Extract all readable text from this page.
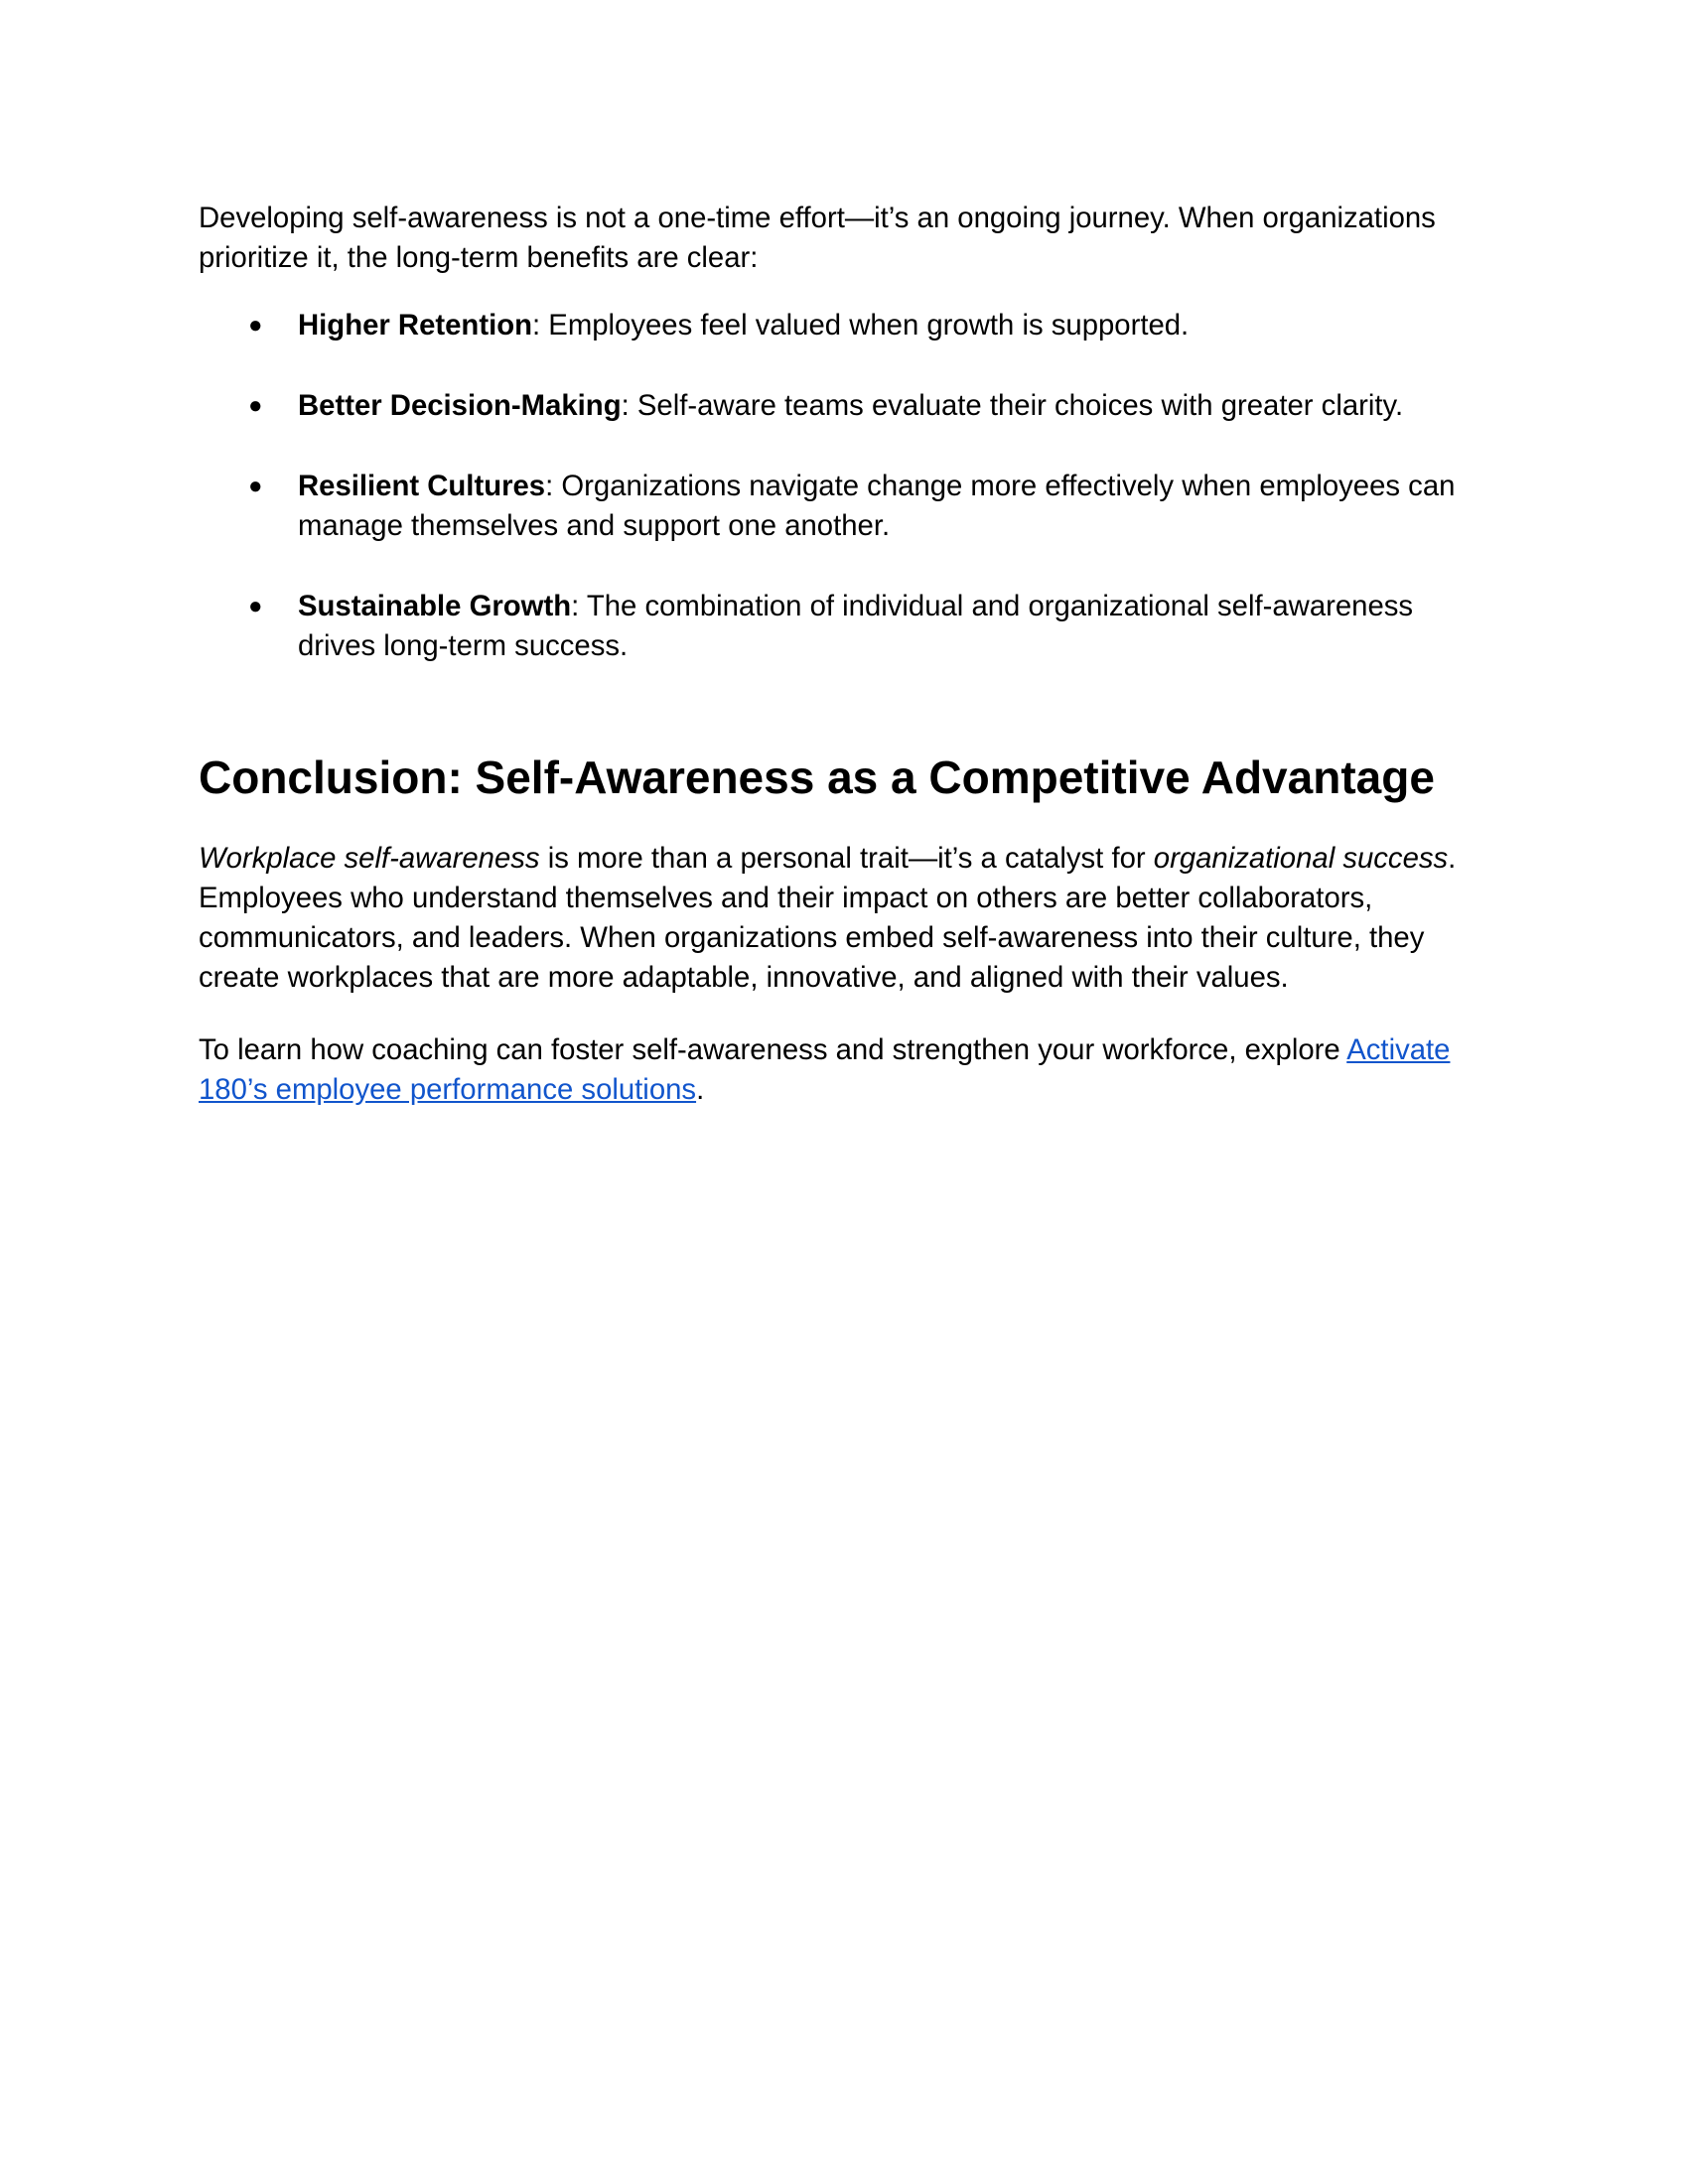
Developing self-awareness is not a one-time effort—it’s an ongoing journey. When organizations prioritize it, the long-term benefits are clear:

● Higher Retention: Employees feel valued when growth is supported.
● Better Decision-Making: Self-aware teams evaluate their choices with greater clarity.
● Resilient Cultures: Organizations navigate change more effectively when employees can manage themselves and support one another.
● Sustainable Growth: The combination of individual and organizational self-awareness drives long-term success.
Conclusion: Self-Awareness as a Competitive Advantage

Workplace self-awareness is more than a personal trait—it’s a catalyst for organizational success. Employees who understand themselves and their impact on others are better collaborators, communicators, and leaders. When organizations embed self-awareness into their culture, they create workplaces that are more adaptable, innovative, and aligned with their values.

To learn how coaching can foster self-awareness and strengthen your workforce, explore Activate 180’s employee performance solutions.
